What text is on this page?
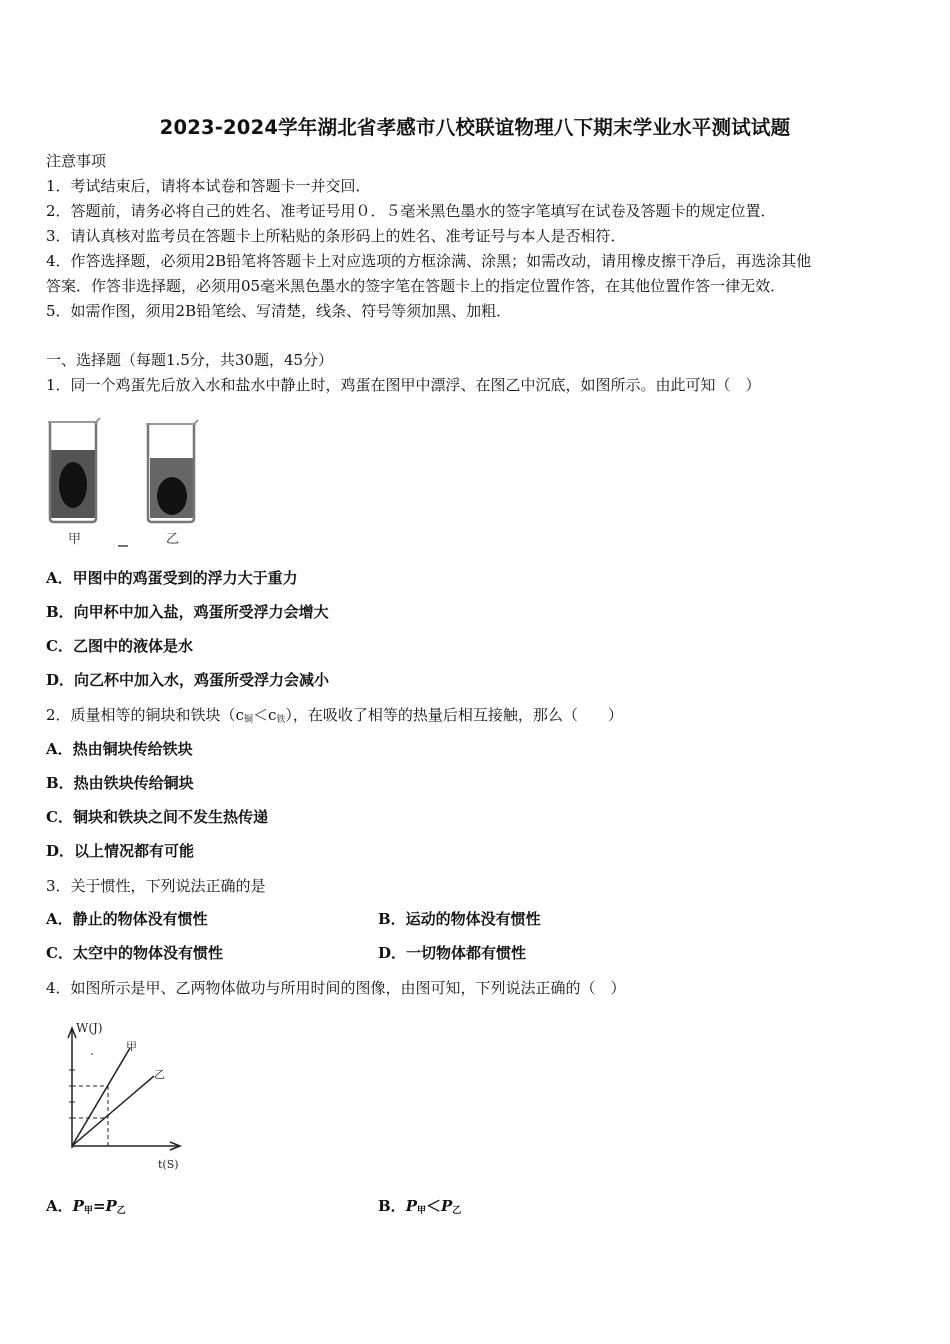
2023-2024学年湖北省孝感市八校联谊物理八下期末学业水平测试试题
注意事项
1．考试结束后，请将本试卷和答题卡一并交回．
2．答题前，请务必将自己的姓名、准考证号用０．５毫米黑色墨水的签字笔填写在试卷及答题卡的规定位置．
3．请认真核对监考员在答题卡上所粘贴的条形码上的姓名、准考证号与本人是否相符．
4．作答选择题，必须用2B铅笔将答题卡上对应选项的方框涂满、涂黑；如需改动，请用橡皮擦干净后，再选涂其他
答案．作答非选择题，必须用05毫米黑色墨水的签字笔在答题卡上的指定位置作答，在其他位置作答一律无效．
5．如需作图，须用2B铅笔绘、写清楚，线条、符号等须加黑、加粗．
一、选择题（每题1.5分，共30题，45分）
1．同一个鸡蛋先后放入水和盐水中静止时，鸡蛋在图甲中漂浮、在图乙中沉底，如图所示。由此可知（　）
甲	乙
A．甲图中的鸡蛋受到的浮力大于重力
B．向甲杯中加入盐，鸡蛋所受浮力会增大
C．乙图中的液体是水
D．向乙杯中加入水，鸡蛋所受浮力会减小
2．质量相等的铜块和铁块$(c_铜<c_铁)$，在吸收了相等的热量后相互接触，那么（　　）
A．热由铜块传给铁块
B．热由铁块传给铜块
C．铜块和铁块之间不发生热传递
D．以上情况都有可能
3．关于惯性，下列说法正确的是
A．静止的物体没有惯性	B．运动的物体没有惯性
C．太空中的物体没有惯性	D．一切物体都有惯性
4．如图所示是甲、乙两物体做功与所用时间的图像，由图可知，下列说法正确的（　）
W(J)
t(S)
甲
乙
A．$P_甲=P_乙$	B．$P_甲<P_乙$
